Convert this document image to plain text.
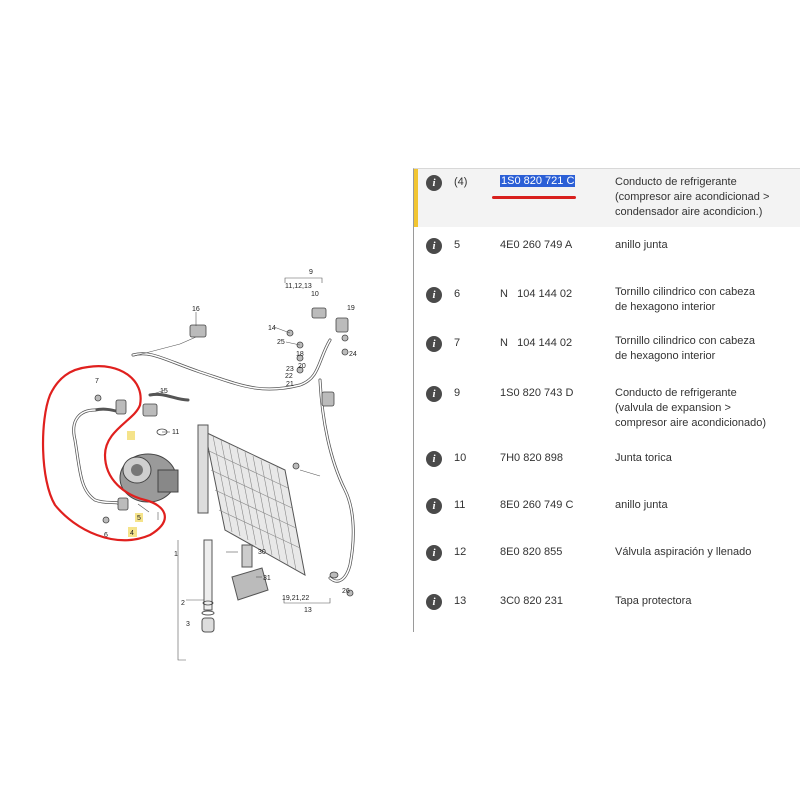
16
9
11,12,13
10
19
14
25
18
20
24
23
22
21
7
15
11
6
5
4
1	30
31
2
3
19,21,22
13
26
i	(4)	1S0 820 721 C	Conducto de refrigerante
(compresor aire acondicionad >
condensador aire acondicion.)
i	5	4E0 260 749 A	anillo junta
i	6	N   104 144 02	Tornillo cilindrico con cabeza
de hexagono interior
i	7	N   104 144 02	Tornillo cilindrico con cabeza
de hexagono interior
i	9	1S0 820 743 D	Conducto de refrigerante
(valvula de expansion >
compresor aire acondicionado)
i	10	7H0 820 898	Junta torica
i	11	8E0 260 749 C	anillo junta
i	12	8E0 820 855	Válvula aspiración y llenado
i	13	3C0 820 231	Tapa protectora
